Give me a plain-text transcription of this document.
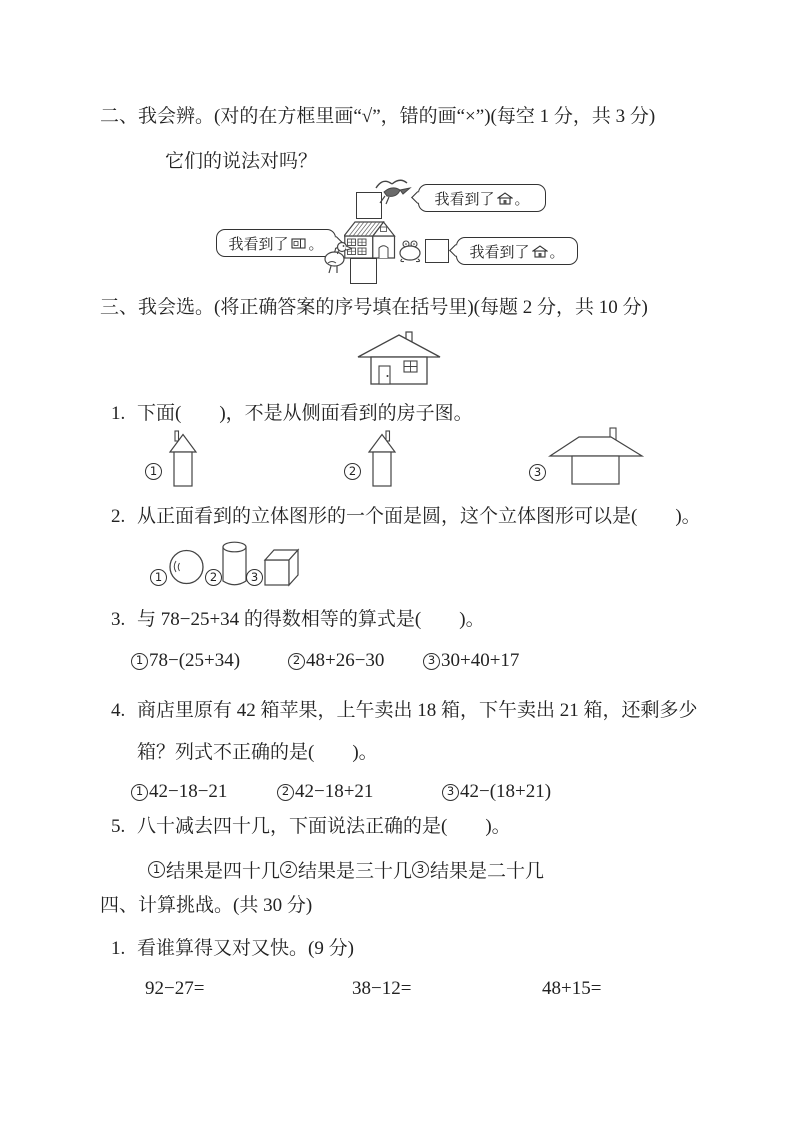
二、我会辨。(对的在方框里画“√”，错的画“×”)(每空 1 分，共 3 分)
它们的说法对吗？
我看到了 。
我看到了 。	我看到了 。
三、我会选。(将正确答案的序号填在括号里)(每题 2 分，共 10 分)
1. 下面(　　)，不是从侧面看到的房子图。
1	2	3
2. 从正面看到的立体图形的一个面是圆，这个立体图形可以是(　　)。
1	2	3
3. 与 78−25+34 的得数相等的算式是(　　)。
1 78−(25+34)	2 48+26−30	3 30+40+17
4. 商店里原有 42 箱苹果，上午卖出 18 箱，下午卖出 21 箱，还剩多少箱？列式不正确的是(　　)。
1 42−18−21	2 42−18+21	3 42−(18+21)
5. 八十减去四十几，下面说法正确的是(　　)。
1 结果是四十几 2 结果是三十几 3 结果是二十几
四、计算挑战。(共 30 分)
1. 看谁算得又对又快。(9 分)
92−27=	38−12=	48+15=
